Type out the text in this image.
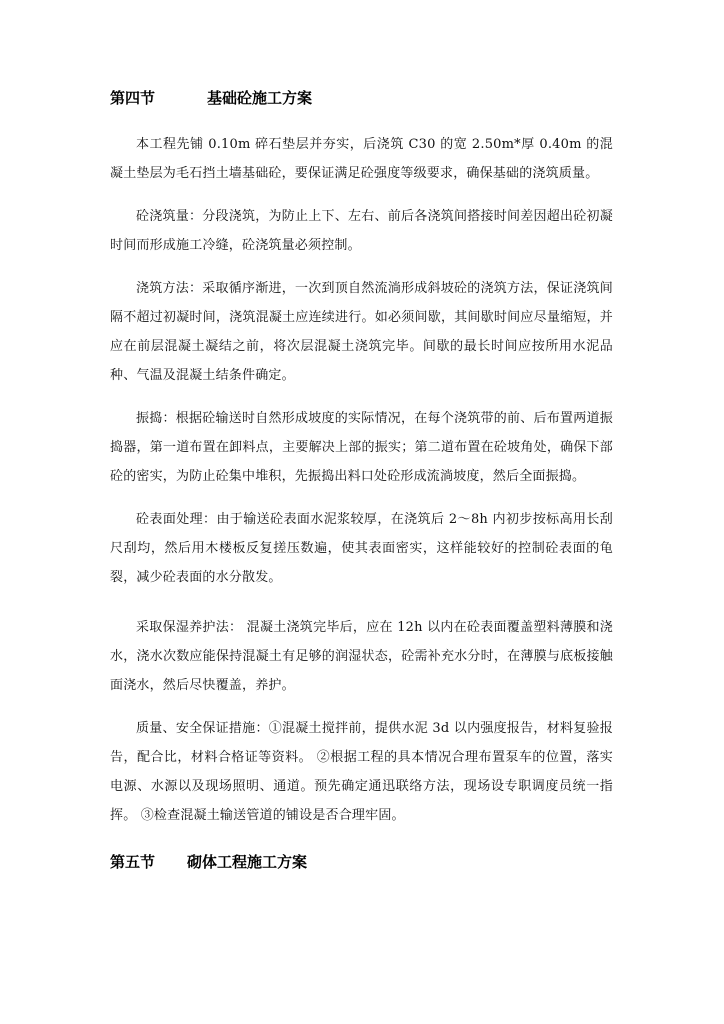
第四节	基础砼施工方案

本工程先铺 0.10m 碎石垫层并夯实，后浇筑 C30 的宽 2.50m*厚 0.40m 的混凝土垫层为毛石挡土墙基础砼，要保证满足砼强度等级要求，确保基础的浇筑质量。

砼浇筑量：分段浇筑，为防止上下、左右、前后各浇筑间搭接时间差因超出砼初凝时间而形成施工冷缝，砼浇筑量必须控制。

浇筑方法：采取循序渐进，一次到顶自然流淌形成斜坡砼的浇筑方法，保证浇筑间隔不超过初凝时间，浇筑混凝土应连续进行。如必须间歇，其间歇时间应尽量缩短，并应在前层混凝土凝结之前，将次层混凝土浇筑完毕。间歇的最长时间应按所用水泥品种、气温及混凝土结条件确定。

振捣：根据砼输送时自然形成坡度的实际情况，在每个浇筑带的前、后布置两道振捣器，第一道布置在卸料点，主要解决上部的振实；第二道布置在砼坡角处，确保下部砼的密实，为防止砼集中堆积，先振捣出料口处砼形成流淌坡度，然后全面振捣。

砼表面处理：由于输送砼表面水泥浆较厚，在浇筑后 2～8h 内初步按标高用长刮尺刮均，然后用木楼板反复搓压数遍，使其表面密实，这样能较好的控制砼表面的龟裂，减少砼表面的水分散发。

采取保湿养护法： 混凝土浇筑完毕后，应在 12h 以内在砼表面覆盖塑料薄膜和浇水，浇水次数应能保持混凝土有足够的润湿状态，砼需补充水分时，在薄膜与底板接触面浇水，然后尽快覆盖，养护。

质量、安全保证措施：①混凝土搅拌前，提供水泥 3d 以内强度报告，材料复验报告，配合比，材料合格证等资料。 ②根据工程的具本情况合理布置泵车的位置，落实电源、水源以及现场照明、通道。预先确定通迅联络方法，现场设专职调度员统一指挥。 ③检查混凝土输送管道的铺设是否合理牢固。

第五节 砌体工程施工方案
